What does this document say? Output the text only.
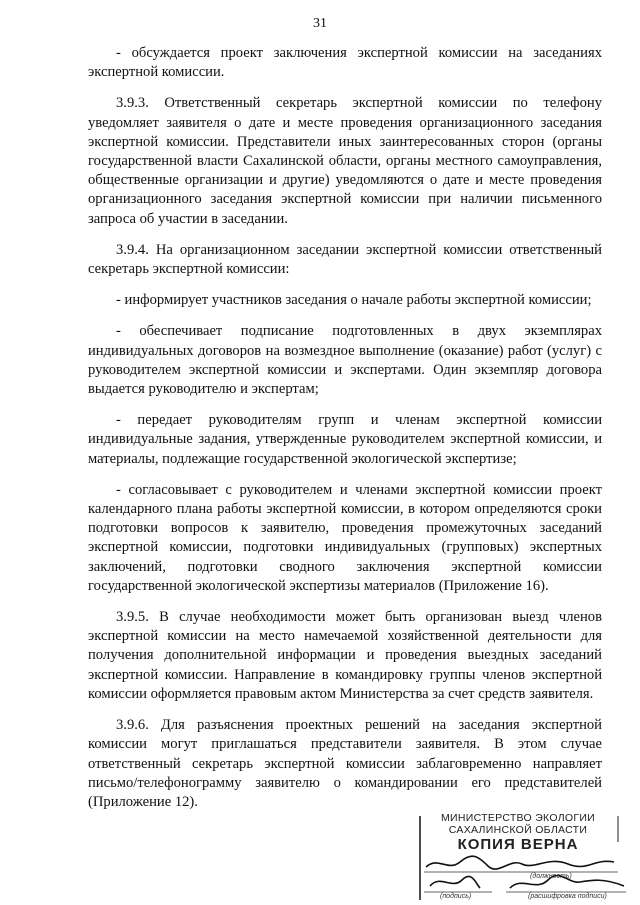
31

- обсуждается проект заключения экспертной комиссии на заседаниях экспертной комиссии.

3.9.3. Ответственный секретарь экспертной комиссии по телефону уведомляет заявителя о дате и месте проведения организационного заседания экспертной комиссии. Представители иных заинтересованных сторон (органы государственной власти Сахалинской области, органы местного самоуправления, общественные организации и другие) уведомляются о дате и месте проведения организационного заседания экспертной комиссии при наличии письменного запроса об участии в заседании.

3.9.4. На организационном заседании экспертной комиссии ответственный секретарь экспертной комиссии:

- информирует участников заседания о начале работы экспертной комиссии;

- обеспечивает подписание подготовленных в двух экземплярах индивидуальных договоров на возмездное выполнение (оказание) работ (услуг) с руководителем экспертной комиссии и экспертами. Один экземпляр договора выдается руководителю и экспертам;

- передает руководителям групп и членам экспертной комиссии индивидуальные задания, утвержденные руководителем экспертной комиссии, и материалы, подлежащие государственной экологической экспертизе;

- согласовывает с руководителем и членами экспертной комиссии проект календарного плана работы экспертной комиссии, в котором определяются сроки подготовки вопросов к заявителю, проведения промежуточных заседаний экспертной комиссии, подготовки индивидуальных (групповых) экспертных заключений, подготовки сводного заключения экспертной комиссии государственной экологической экспертизы материалов (Приложение 16).

3.9.5. В случае необходимости может быть организован выезд членов экспертной комиссии на место намечаемой хозяйственной деятельности для получения дополнительной информации и проведения выездных заседаний экспертной комиссии. Направление в командировку группы членов экспертной комиссии оформляется правовым актом Министерства за счет средств заявителя.

3.9.6. Для разъяснения проектных решений на заседания экспертной комиссии могут приглашаться представители заявителя. В этом случае ответственный секретарь экспертной комиссии заблаговременно направляет письмо/телефонограмму заявителю о командировании его представителей (Приложение 12).

МИНИСТЕРСТВО ЭКОЛОГИИ
САХАЛИНСКОЙ ОБЛАСТИ
КОПИЯ ВЕРНА
(должность)
(подпись)	(расшифровка подписи)
